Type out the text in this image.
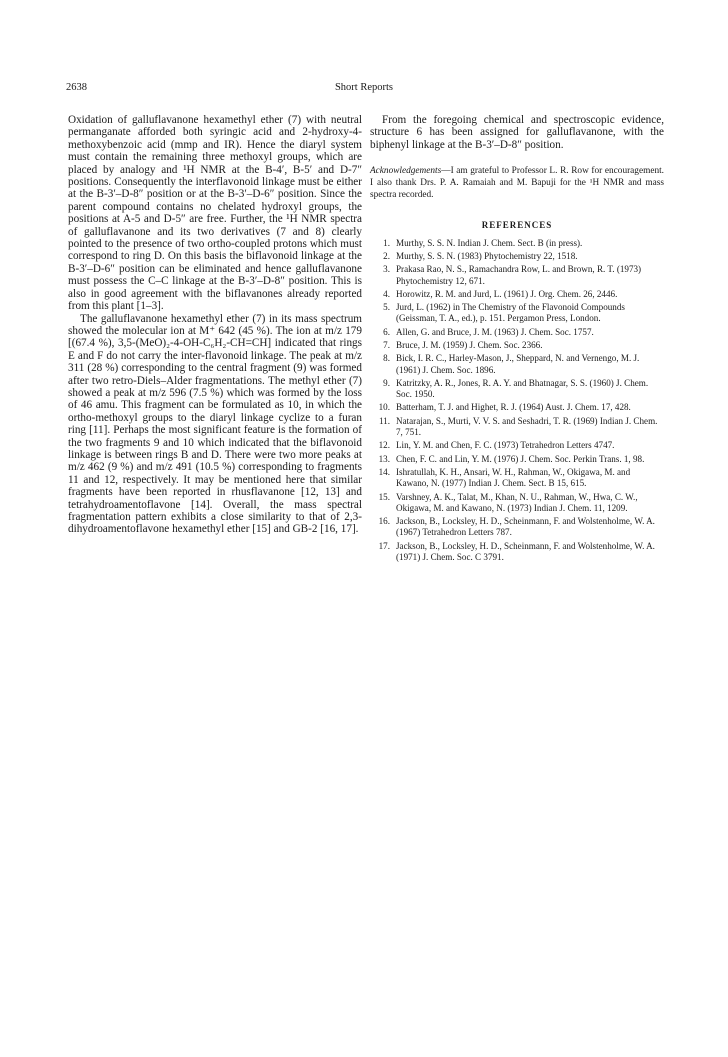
2638	Short Reports

Oxidation of galluflavanone hexamethyl ether (7) with neutral permanganate afforded both syringic acid and 2-hydroxy-4-methoxybenzoic acid (mmp and IR). Hence the diaryl system must contain the remaining three methoxyl groups, which are placed by analogy and ¹H NMR at the B-4′, B-5′ and D-7″ positions. Consequently the interflavonoid linkage must be either at the B-3′–D-8″ position or at the B-3′–D-6″ position. Since the parent compound contains no chelated hydroxyl groups, the positions at A-5 and D-5″ are free. Further, the ¹H NMR spectra of galluflavanone and its two derivatives (7 and 8) clearly pointed to the presence of two ortho-coupled protons which must correspond to ring D. On this basis the biflavonoid linkage at the B-3′–D-6″ position can be eliminated and hence galluflavanone must possess the C–C linkage at the B-3′–D-8″ position. This is also in good agreement with the biflavanones already reported from this plant [1–3].

The galluflavanone hexamethyl ether (7) in its mass spectrum showed the molecular ion at M⁺ 642 (45 %). The ion at m/z 179 [(67.4 %), 3,5-(MeO)₂-4-OH-C₆H₂-CH=CH] indicated that rings E and F do not carry the inter-flavonoid linkage. The peak at m/z 311 (28 %) corresponding to the central fragment (9) was formed after two retro-Diels–Alder fragmentations. The methyl ether (7) showed a peak at m/z 596 (7.5 %) which was formed by the loss of 46 amu. This fragment can be formulated as 10, in which the ortho-methoxyl groups to the diaryl linkage cyclize to a furan ring [11]. Perhaps the most significant feature is the formation of the two fragments 9 and 10 which indicated that the biflavonoid linkage is between rings B and D. There were two more peaks at m/z 462 (9 %) and m/z 491 (10.5 %) corresponding to fragments 11 and 12, respectively. It may be mentioned here that similar fragments have been reported in rhusflavanone [12, 13] and tetrahydroamentoflavone [14]. Overall, the mass spectral fragmentation pattern exhibits a close similarity to that of 2,3-dihydroamentoflavone hexamethyl ether [15] and GB-2 [16, 17].

From the foregoing chemical and spectroscopic evidence, structure 6 has been assigned for galluflavanone, with the biphenyl linkage at the B-3′–D-8″ position.

Acknowledgements—I am grateful to Professor L. R. Row for encouragement. I also thank Drs. P. A. Ramaiah and M. Bapuji for the ¹H NMR and mass spectra recorded.

REFERENCES
1. Murthy, S. S. N. Indian J. Chem. Sect. B (in press).
2. Murthy, S. S. N. (1983) Phytochemistry 22, 1518.
3. Prakasa Rao, N. S., Ramachandra Row, L. and Brown, R. T. (1973) Phytochemistry 12, 671.
4. Horowitz, R. M. and Jurd, L. (1961) J. Org. Chem. 26, 2446.
5. Jurd, L. (1962) in The Chemistry of the Flavonoid Compounds (Geissman, T. A., ed.), p. 151. Pergamon Press, London.
6. Allen, G. and Bruce, J. M. (1963) J. Chem. Soc. 1757.
7. Bruce, J. M. (1959) J. Chem. Soc. 2366.
8. Bick, I. R. C., Harley-Mason, J., Sheppard, N. and Vernengo, M. J. (1961) J. Chem. Soc. 1896.
9. Katritzky, A. R., Jones, R. A. Y. and Bhatnagar, S. S. (1960) J. Chem. Soc. 1950.
10. Batterham, T. J. and Highet, R. J. (1964) Aust. J. Chem. 17, 428.
11. Natarajan, S., Murti, V. V. S. and Seshadri, T. R. (1969) Indian J. Chem. 7, 751.
12. Lin, Y. M. and Chen, F. C. (1973) Tetrahedron Letters 4747.
13. Chen, F. C. and Lin, Y. M. (1976) J. Chem. Soc. Perkin Trans. 1, 98.
14. Ishratullah, K. H., Ansari, W. H., Rahman, W., Okigawa, M. and Kawano, N. (1977) Indian J. Chem. Sect. B 15, 615.
15. Varshney, A. K., Talat, M., Khan, N. U., Rahman, W., Hwa, C. W., Okigawa, M. and Kawano, N. (1973) Indian J. Chem. 11, 1209.
16. Jackson, B., Locksley, H. D., Scheinmann, F. and Wolstenholme, W. A. (1967) Tetrahedron Letters 787.
17. Jackson, B., Locksley, H. D., Scheinmann, F. and Wolstenholme, W. A. (1971) J. Chem. Soc. C 3791.
